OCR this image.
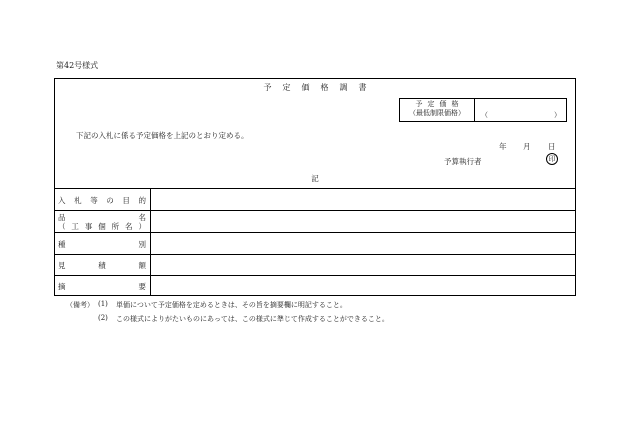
第42号様式
予定価格調書
予定価格
（最低制限価格）	（	）
下記の入札に係る予定価格を上記のとおり定める。
年 月 日
予算執行者	印
記
入 札 等 の 目 的
品	名
（ 工 事 個 所 名 ）
種	別
見	積	額
摘	要
（備考） (1) 単価について予定価格を定めるときは、その旨を摘要欄に明記すること。
(2) この様式によりがたいものにあっては、この様式に準じて作成することができること。
